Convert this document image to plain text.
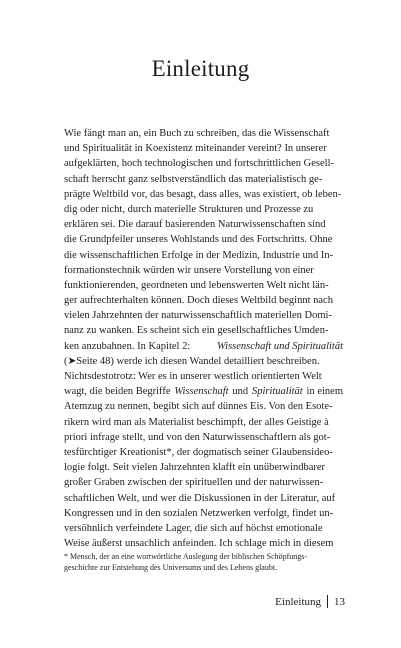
Einleitung
Wie fängt man an, ein Buch zu schreiben, das die Wissenschaft
und Spiritualität in Koexistenz miteinander vereint? In unserer
aufgeklärten, hoch technologischen und fortschrittlichen Gesell-
schaft herrscht ganz selbstverständlich das materialistisch ge-
prägte Weltbild vor, das besagt, dass alles, was existiert, ob leben-
dig oder nicht, durch materielle Strukturen und Prozesse zu
erklären sei. Die darauf basierenden Naturwissenschaften sind
die Grundpfeiler unseres Wohlstands und des Fortschritts. Ohne
die wissenschaftlichen Erfolge in der Medizin, Industrie und In-
formationstechnik würden wir unsere Vorstellung von einer
funktionierenden, geordneten und lebenswerten Welt nicht län-
ger aufrechterhalten können. Doch dieses Weltbild beginnt nach
vielen Jahrzehnten der naturwissenschaftlich materiellen Domi-
nanz zu wanken. Es scheint sich ein gesellschaftliches Umden-
ken anzubahnen. In Kapitel 2: Wissenschaft und Spiritualität
(➤Seite 48) werde ich diesen Wandel detailliert beschreiben.
Nichtsdestotrotz: Wer es in unserer westlich orientierten Welt
wagt, die beiden Begriffe Wissenschaft und Spiritualität in einem
Atemzug zu nennen, begibt sich auf dünnes Eis. Von den Esote-
rikern wird man als Materialist beschimpft, der alles Geistige à
priori infrage stellt, und von den Naturwissenschaftlern als got-
tesfürchtiger Kreationist*, der dogmatisch seiner Glaubensideo-
logie folgt. Seit vielen Jahrzehnten klafft ein unüberwindbarer
großer Graben zwischen der spirituellen und der naturwissen-
schaftlichen Welt, und wer die Diskussionen in der Literatur, auf
Kongressen und in den sozialen Netzwerken verfolgt, findet un-
versöhnlich verfeindete Lager, die sich auf höchst emotionale
Weise äußerst unsachlich anfeinden. Ich schlage mich in diesem
* Mensch, der an eine wortwörtliche Auslegung der biblischen Schöpfungs-
geschichte zur Entstehung des Universums und des Lebens glaubt.
Einleitung 13
